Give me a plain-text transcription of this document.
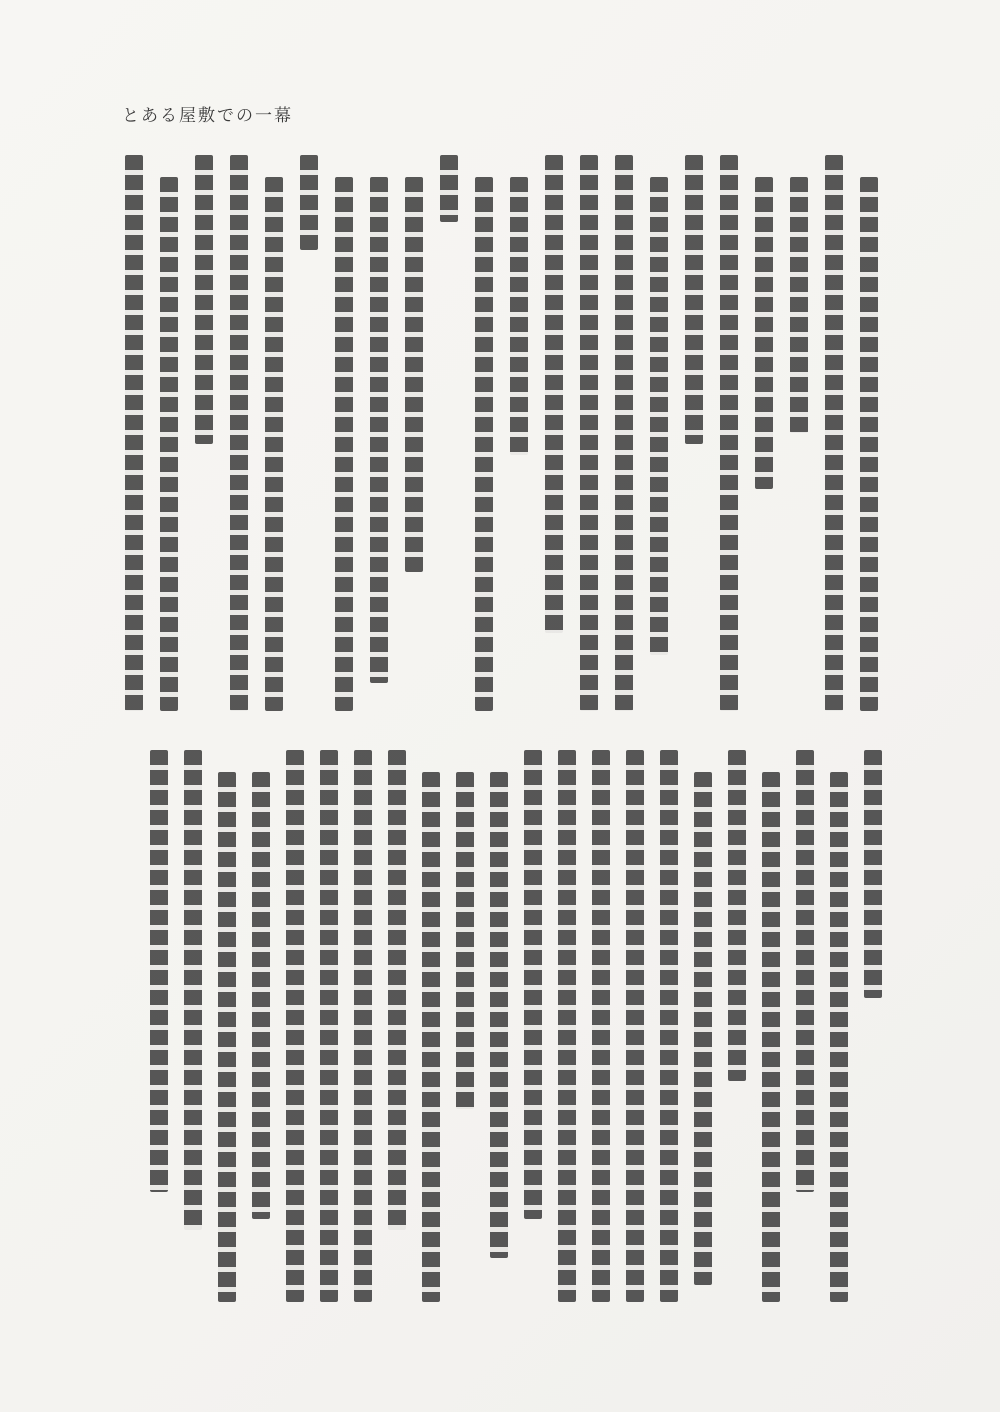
とある屋敷での一幕
